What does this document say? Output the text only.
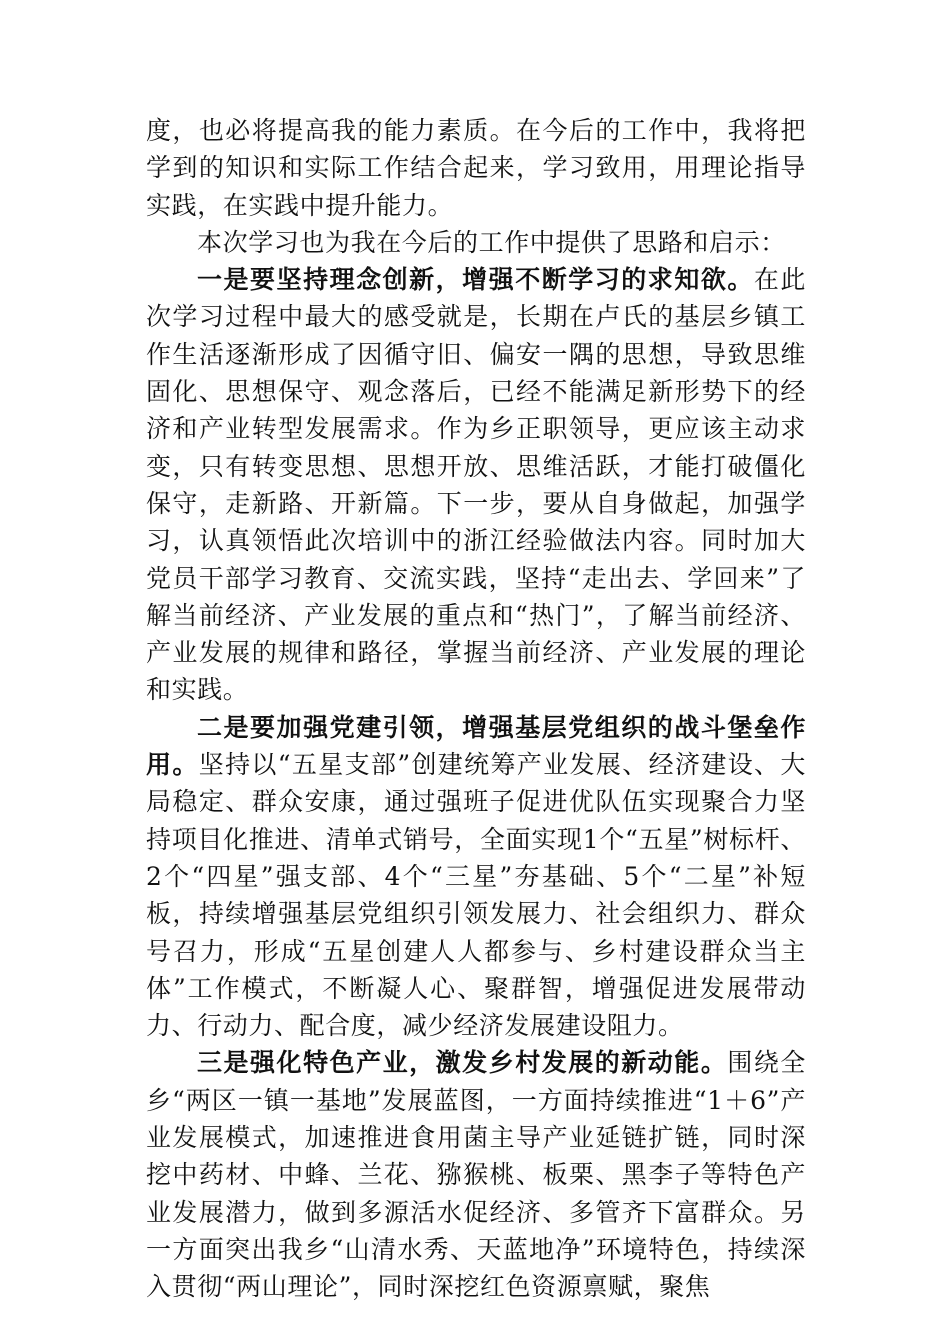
度，也必将提高我的能力素质。在今后的工作中，我将把学到的知识和实际工作结合起来，学习致用，用理论指导实践，在实践中提升能力。

本次学习也为我在今后的工作中提供了思路和启示：

一是要坚持理念创新，增强不断学习的求知欲。在此次学习过程中最大的感受就是，长期在卢氏的基层乡镇工作生活逐渐形成了因循守旧、偏安一隅的思想，导致思维固化、思想保守、观念落后，已经不能满足新形势下的经济和产业转型发展需求。作为乡正职领导，更应该主动求变，只有转变思想、思想开放、思维活跃，才能打破僵化保守，走新路、开新篇。下一步，要从自身做起，加强学习，认真领悟此次培训中的浙江经验做法内容。同时加大党员干部学习教育、交流实践，坚持“走出去、学回来”了解当前经济、产业发展的重点和“热门”，了解当前经济、产业发展的规律和路径，掌握当前经济、产业发展的理论和实践。

二是要加强党建引领，增强基层党组织的战斗堡垒作用。坚持以“五星支部”创建统筹产业发展、经济建设、大局稳定、群众安康，通过强班子促进优队伍实现聚合力坚持项目化推进、清单式销号，全面实现1个“五星”树标杆、2个“四星”强支部、4个“三星”夯基础、5个“二星”补短板，持续增强基层党组织引领发展力、社会组织力、群众号召力，形成“五星创建人人都参与、乡村建设群众当主体”工作模式，不断凝人心、聚群智，增强促进发展带动力、行动力、配合度，减少经济发展建设阻力。

三是强化特色产业，激发乡村发展的新动能。围绕全乡“两区一镇一基地”发展蓝图，一方面持续推进“1＋6”产业发展模式，加速推进食用菌主导产业延链扩链，同时深挖中药材、中蜂、兰花、猕猴桃、板栗、黑李子等特色产业发展潜力，做到多源活水促经济、多管齐下富群众。另一方面突出我乡“山清水秀、天蓝地净”环境特色，持续深入贯彻“两山理论”，同时深挖红色资源禀赋，聚焦
